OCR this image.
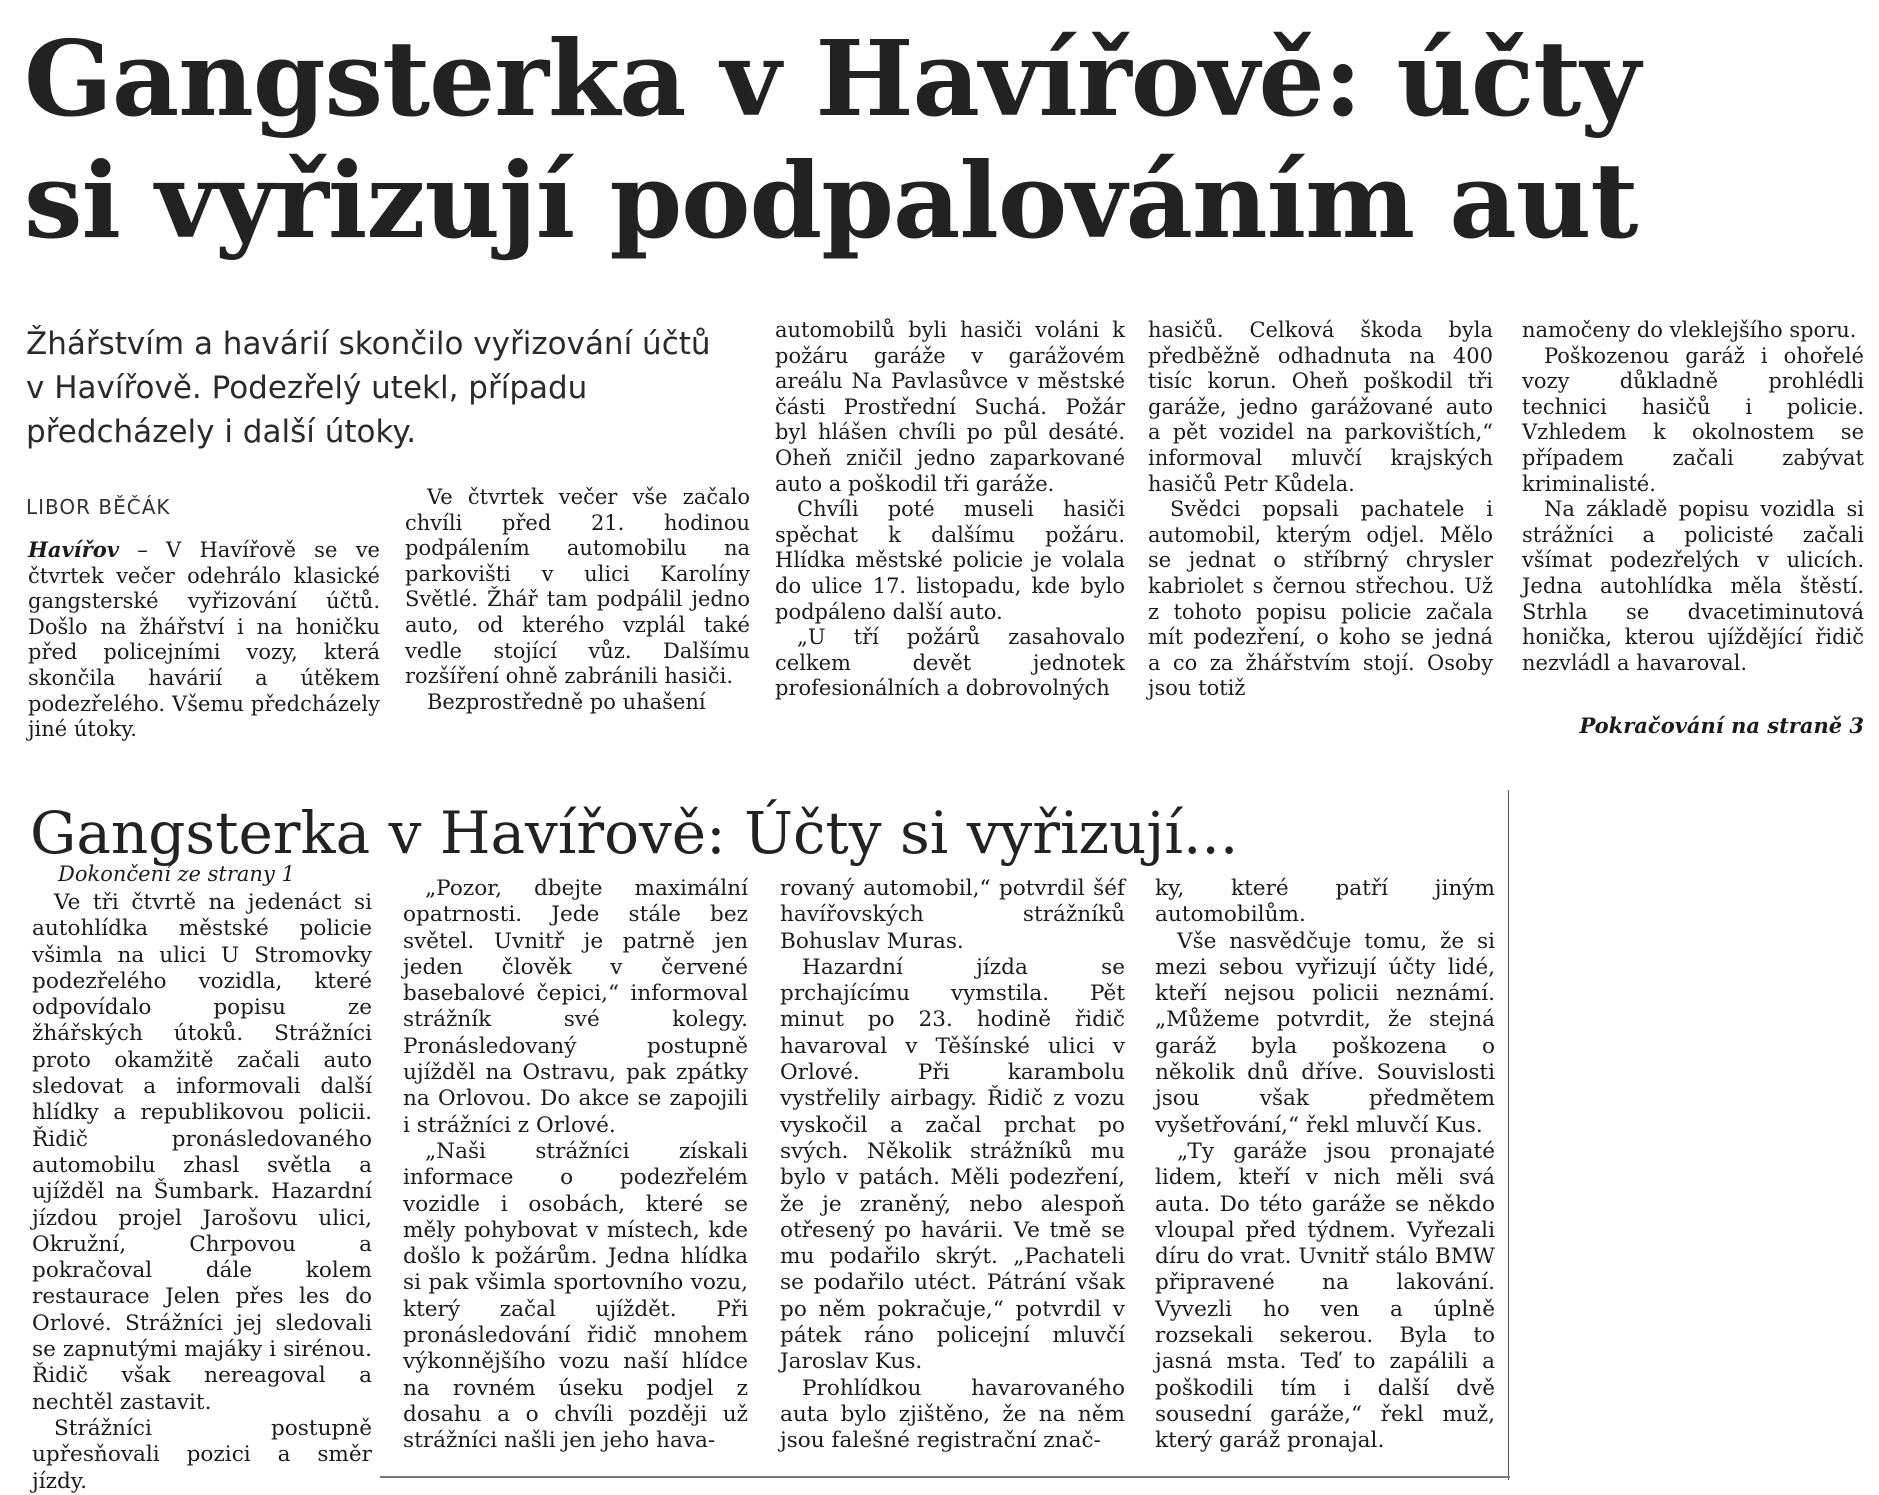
Gangsterka v Havířově: účty
si vyřizují podpalováním aut
Žhářstvím a havárií skončilo vyřizování účtů
v Havířově. Podezřelý utekl, případu
předcházely i další útoky.
LIBOR BĚČÁK

Havířov – V Havířově se ve čtvrtek večer odehrálo klasické gangsterské vyřizování účtů. Došlo na žhářství i na honičku před policejními vozy, která skončila havárií a útěkem podezřelého. Všemu předcházely jiné útoky.

Ve čtvrtek večer vše začalo chvíli před 21. hodinou podpálením automobilu na parkovišti v ulici Karolíny Světlé. Žhář tam podpálil jedno auto, od kterého vzplál také vedle stojící vůz. Dalšímu rozšíření ohně zabránili hasiči.

Bezprostředně po uhašení

automobilů byli hasiči voláni k požáru garáže v garážovém areálu Na Pavlasůvce v městské části Prostřední Suchá. Požár byl hlášen chvíli po půl desáté. Oheň zničil jedno zaparkované auto a poškodil tři garáže.

Chvíli poté museli hasiči spěchat k dalšímu požáru. Hlídka městské policie je volala do ulice 17. listopadu, kde bylo podpáleno další auto.

„U tří požárů zasahovalo celkem devět jednotek profesionálních a dobrovolných

hasičů. Celková škoda byla předběžně odhadnuta na 400 tisíc korun. Oheň poškodil tři garáže, jedno garážované auto a pět vozidel na parkovištích,“ informoval mluvčí krajských hasičů Petr Kůdela.

Svědci popsali pachatele i automobil, kterým odjel. Mělo se jednat o stříbrný chrysler kabriolet s černou střechou. Už z tohoto popisu policie začala mít podezření, o koho se jedná a co za žhářstvím stojí. Osoby jsou totiž

namočeny do vleklejšího sporu.

Poškozenou garáž i ohořelé vozy důkladně prohlédli technici hasičů i policie. Vzhledem k okolnostem se případem začali zabývat kriminalisté.

Na základě popisu vozidla si strážníci a policisté začali všímat podezřelých v ulicích. Jedna autohlídka měla štěstí. Strhla se dvacetiminutová honička, kterou ujíždějící řidič nezvládl a havaroval.

Pokračování na straně 3
Gangsterka v Havířově: Účty si vyřizují...
Dokončení ze strany 1

Ve tři čtvrtě na jedenáct si autohlídka městské policie všimla na ulici U Stromovky podezřelého vozidla, které odpovídalo popisu ze žhářských útoků. Strážníci proto okamžitě začali auto sledovat a informovali další hlídky a republikovou policii. Řidič pronásledovaného automobilu zhasl světla a ujížděl na Šumbark. Hazardní jízdou projel Jarošovu ulici, Okružní, Chrpovou a pokračoval dále kolem restaurace Jelen přes les do Orlové. Strážníci jej sledovali se zapnutými majáky i sirénou. Řidič však nereagoval a nechtěl zastavit.

Strážníci postupně upřesňovali pozici a směr jízdy.

„Pozor, dbejte maximální opatrnosti. Jede stále bez světel. Uvnitř je patrně jen jeden člověk v červené basebalové čepici,“ informoval strážník své kolegy. Pronásledovaný postupně ujížděl na Ostravu, pak zpátky na Orlovou. Do akce se zapojili i strážníci z Orlové.

„Naši strážníci získali informace o podezřelém vozidle i osobách, které se měly pohybovat v místech, kde došlo k požárům. Jedna hlídka si pak všimla sportovního vozu, který začal ujíždět. Při pronásledování řidič mnohem výkonnějšího vozu naší hlídce na rovném úseku podjel z dosahu a o chvíli později už strážníci našli jen jeho hava-

rovaný automobil,“ potvrdil šéf havířovských strážníků Bohuslav Muras.

Hazardní jízda se prchajícímu vymstila. Pět minut po 23. hodině řidič havaroval v Těšínské ulici v Orlové. Při karambolu vystřelily airbagy. Řidič z vozu vyskočil a začal prchat po svých. Několik strážníků mu bylo v patách. Měli podezření, že je zraněný, nebo alespoň otřesený po havárii. Ve tmě se mu podařilo skrýt. „Pachateli se podařilo utéct. Pátrání však po něm pokračuje,“ potvrdil v pátek ráno policejní mluvčí Jaroslav Kus.

Prohlídkou havarovaného auta bylo zjištěno, že na něm jsou falešné registrační znač-

ky, které patří jiným automobilům.

Vše nasvědčuje tomu, že si mezi sebou vyřizují účty lidé, kteří nejsou policii neznámí. „Můžeme potvrdit, že stejná garáž byla poškozena o několik dnů dříve. Souvislosti jsou však předmětem vyšetřování,“ řekl mluvčí Kus.

„Ty garáže jsou pronajaté lidem, kteří v nich měli svá auta. Do této garáže se někdo vloupal před týdnem. Vyřezali díru do vrat. Uvnitř stálo BMW připravené na lakování. Vyvezli ho ven a úplně rozsekali sekerou. Byla to jasná msta. Teď to zapálili a poškodili tím i další dvě sousední garáže,“ řekl muž, který garáž pronajal.
